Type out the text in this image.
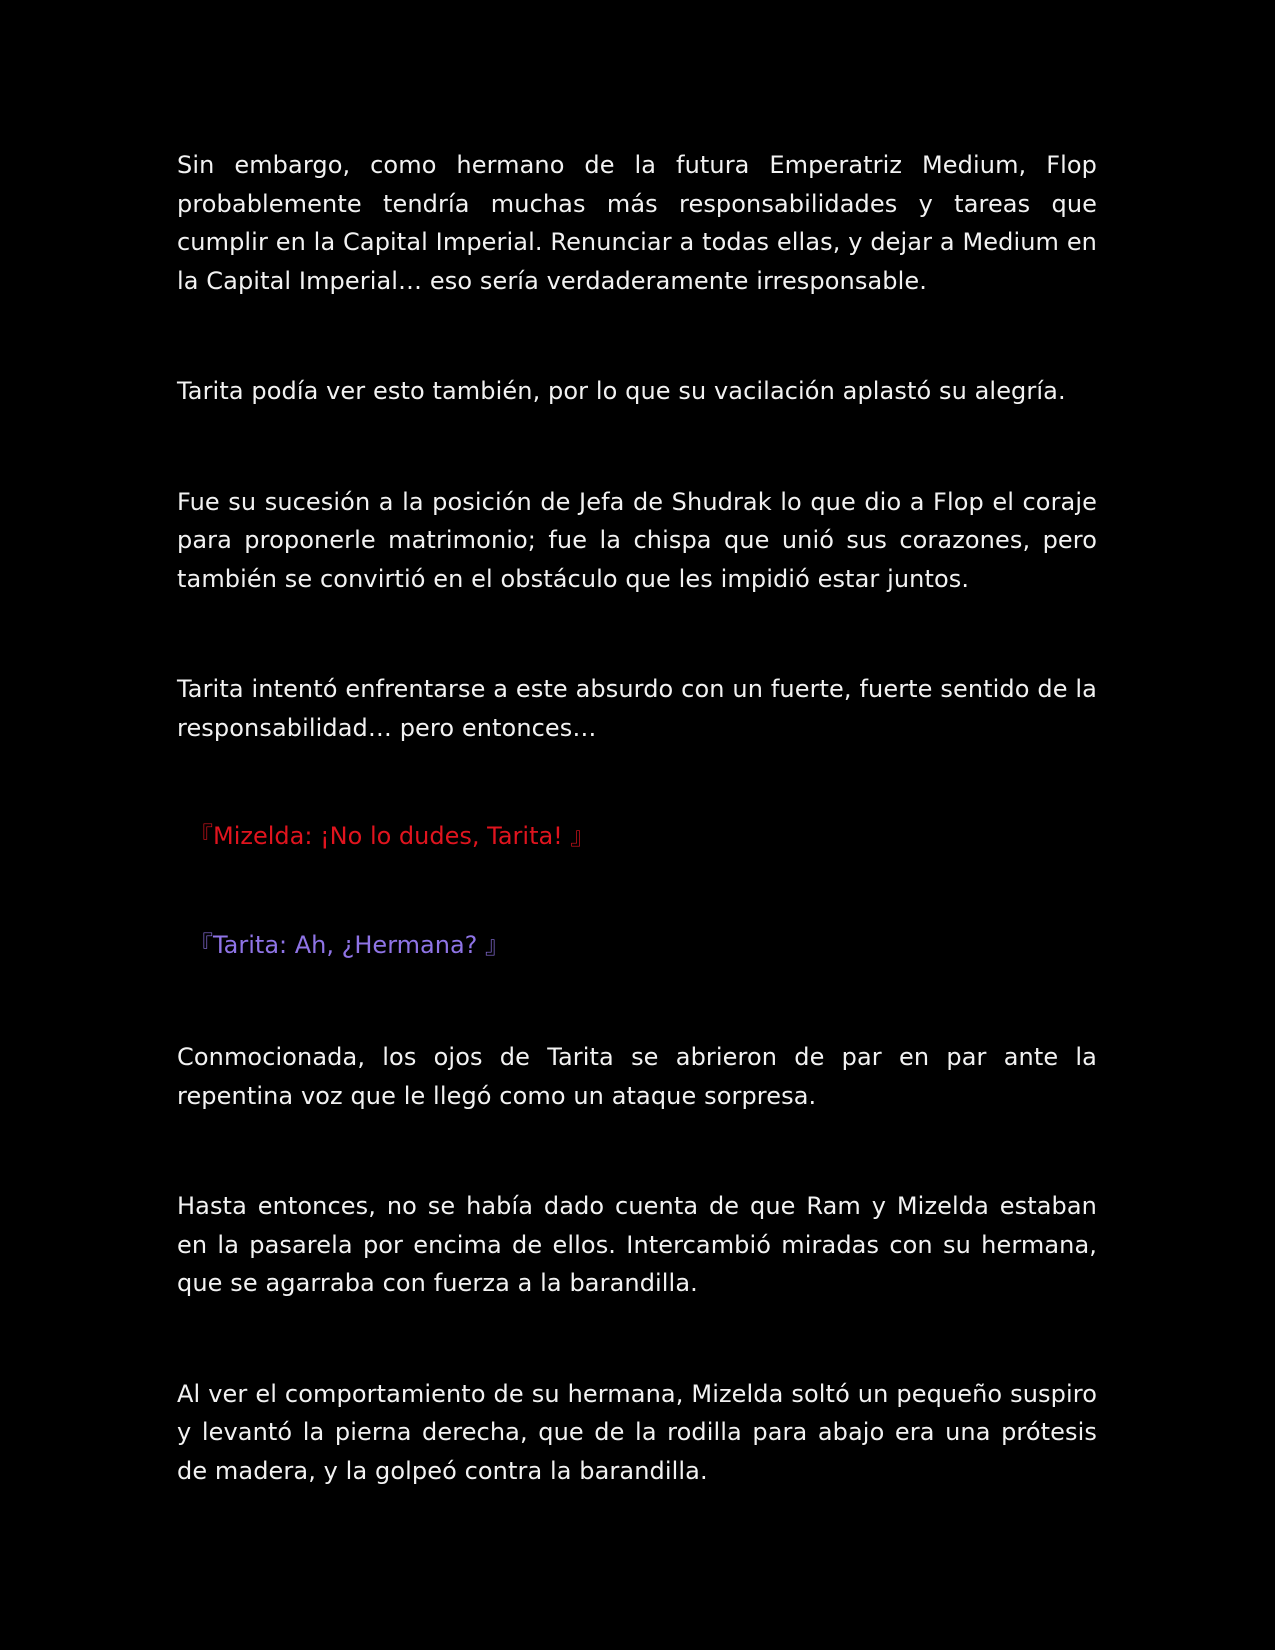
Sin embargo, como hermano de la futura Emperatriz Medium, Flop probablemente tendría muchas más responsabilidades y tareas que cumplir en la Capital Imperial. Renunciar a todas ellas, y dejar a Medium en la Capital Imperial… eso sería verdaderamente irresponsable.

Tarita podía ver esto también, por lo que su vacilación aplastó su alegría.

Fue su sucesión a la posición de Jefa de Shudrak lo que dio a Flop el coraje para proponerle matrimonio; fue la chispa que unió sus corazones, pero también se convirtió en el obstáculo que les impidió estar juntos.

Tarita intentó enfrentarse a este absurdo con un fuerte, fuerte sentido de la responsabilidad… pero entonces…

『Mizelda: ¡No lo dudes, Tarita! 』

『Tarita: Ah, ¿Hermana? 』

Conmocionada, los ojos de Tarita se abrieron de par en par ante la repentina voz que le llegó como un ataque sorpresa.

Hasta entonces, no se había dado cuenta de que Ram y Mizelda estaban en la pasarela por encima de ellos. Intercambió miradas con su hermana, que se agarraba con fuerza a la barandilla.

Al ver el comportamiento de su hermana, Mizelda soltó un pequeño suspiro y levantó la pierna derecha, que de la rodilla para abajo era una prótesis de madera, y la golpeó contra la barandilla.
